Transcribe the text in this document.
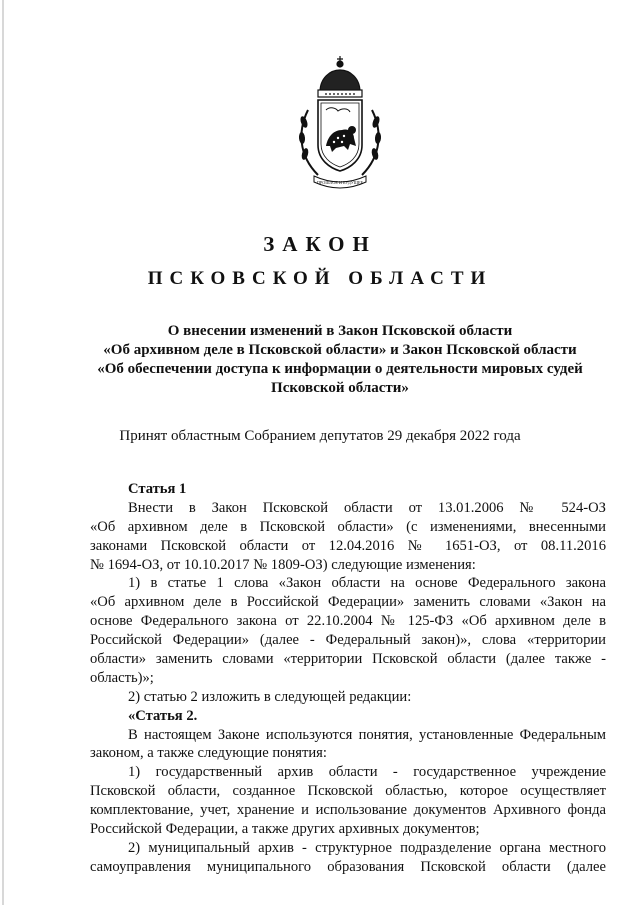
ПРОШЛОЕ И БУДУЩЕЕ
ЗАКОН
ПСКОВСКОЙ ОБЛАСТИ
О внесении изменений в Закон Псковской области
«Об архивном деле в Псковской области» и Закон Псковской области
«Об обеспечении доступа к информации о деятельности мировых судей
Псковской области»
Принят областным Собранием депутатов 29 декабря 2022 года
Статья 1
Внести в Закон Псковской области от 13.01.2006 № 524-ОЗ
«Об архивном деле в Псковской области» (с изменениями, внесенными
законами Псковской области от 12.04.2016 № 1651-ОЗ, от 08.11.2016
№ 1694-ОЗ, от 10.10.2017 № 1809-ОЗ) следующие изменения:
1) в статье 1 слова «Закон области на основе Федерального закона
«Об архивном деле в Российской Федерации» заменить словами «Закон на
основе Федерального закона от 22.10.2004 № 125-ФЗ «Об архивном деле в
Российской Федерации» (далее - Федеральный закон)», слова «территории
области» заменить словами «территории Псковской области (далее также -
область)»;
2) статью 2 изложить в следующей редакции:
«Статья 2.
В настоящем Законе используются понятия, установленные Федеральным
законом, а также следующие понятия:
1) государственный архив области - государственное учреждение
Псковской области, созданное Псковской областью, которое осуществляет
комплектование, учет, хранение и использование документов Архивного фонда
Российской Федерации, а также других архивных документов;
2) муниципальный архив - структурное подразделение органа местного
самоуправления муниципального образования Псковской области (далее
